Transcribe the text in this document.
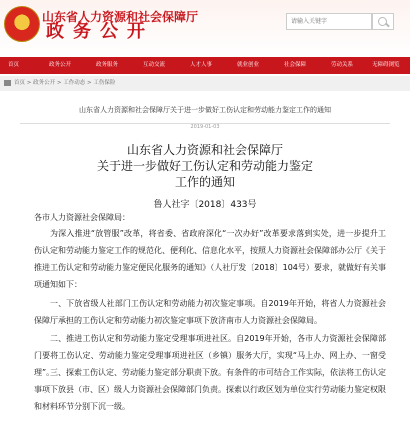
★	山东省人力资源和社会保障厅
政务公开
请输入关键字
首页	政务公开	政务服务	互动交流	人才人事	就业创业	社会保障	劳动关系	无障碍浏览
首页 > 政务公开 > 工作动态 > 工伤保险
山东省人力资源和社会保障厅关于进一步做好工伤认定和劳动能力鉴定工作的通知
2019-01-03
山东省人力资源和社会保障厅
关于进一步做好工伤认定和劳动能力鉴定
工作的通知
鲁人社字〔2018〕433号
各市人力资源社会保障局：
为深入推进“放管服”改革，将省委、省政府深化“一次办好”改革要求落到实处，进一步提升工伤认定和劳动能力鉴定工作的规范化、便利化、信息化水平，按照人力资源社会保障部办公厅《关于推进工伤认定和劳动能力鉴定便民化服务的通知》（人社厅发〔2018〕104号）要求，就做好有关事项通知如下：
一、下放省级人社部门工伤认定和劳动能力初次鉴定事项。自2019年开始，将省人力资源社会保障厅承担的工伤认定和劳动能力初次鉴定事项下放济南市人力资源社会保障局。
二、推进工伤认定和劳动能力鉴定受理事项进社区。自2019年开始，各市人力资源社会保障部门要将工伤认定、劳动能力鉴定受理事项进社区（乡镇）服务大厅，实现“马上办、网上办、一窗受理”。
三、探索工伤认定、劳动能力鉴定部分职责下放。有条件的市可结合工作实际，依法将工伤认定事项下放县（市、区）级人力资源社会保障部门负责。探索以行政区划为单位实行劳动能力鉴定权限和材料环节分别下沉一级。
